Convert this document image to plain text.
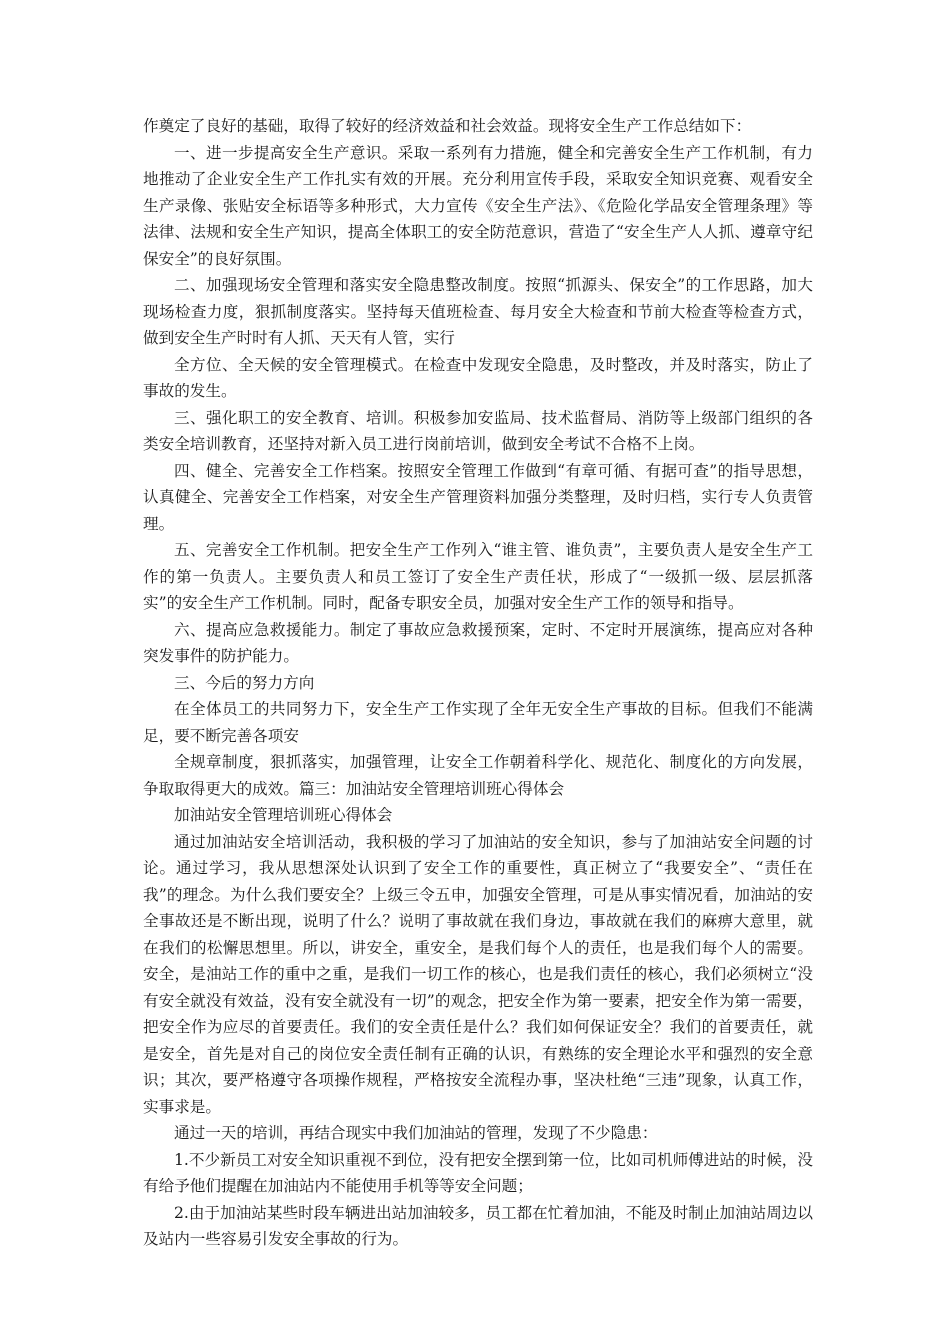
作奠定了良好的基础，取得了较好的经济效益和社会效益。现将安全生产工作总结如下：

一、进一步提高安全生产意识。采取一系列有力措施，健全和完善安全生产工作机制，有力地推动了企业安全生产工作扎实有效的开展。充分利用宣传手段，采取安全知识竞赛、观看安全生产录像、张贴安全标语等多种形式，大力宣传《安全生产法》、《危险化学品安全管理条理》等法律、法规和安全生产知识，提高全体职工的安全防范意识，营造了“安全生产人人抓、遵章守纪保安全”的良好氛围。

二、加强现场安全管理和落实安全隐患整改制度。按照“抓源头、保安全”的工作思路，加大现场检查力度，狠抓制度落实。坚持每天值班检查、每月安全大检查和节前大检查等检查方式，做到安全生产时时有人抓、天天有人管，实行

全方位、全天候的安全管理模式。在检查中发现安全隐患，及时整改，并及时落实，防止了事故的发生。

三、强化职工的安全教育、培训。积极参加安监局、技术监督局、消防等上级部门组织的各类安全培训教育，还坚持对新入员工进行岗前培训，做到安全考试不合格不上岗。

四、健全、完善安全工作档案。按照安全管理工作做到“有章可循、有据可查”的指导思想，认真健全、完善安全工作档案，对安全生产管理资料加强分类整理，及时归档，实行专人负责管理。

五、完善安全工作机制。把安全生产工作列入“谁主管、谁负责”，主要负责人是安全生产工作的第一负责人。主要负责人和员工签订了安全生产责任状，形成了“一级抓一级、层层抓落实”的安全生产工作机制。同时，配备专职安全员，加强对安全生产工作的领导和指导。

六、提高应急救援能力。制定了事故应急救援预案，定时、不定时开展演练，提高应对各种突发事件的防护能力。

三、今后的努力方向

在全体员工的共同努力下，安全生产工作实现了全年无安全生产事故的目标。但我们不能满足，要不断完善各项安

全规章制度，狠抓落实，加强管理，让安全工作朝着科学化、规范化、制度化的方向发展，争取取得更大的成效。篇三：加油站安全管理培训班心得体会

加油站安全管理培训班心得体会

通过加油站安全培训活动，我积极的学习了加油站的安全知识，参与了加油站安全问题的讨论。通过学习，我从思想深处认识到了安全工作的重要性，真正树立了“我要安全”、“责任在我”的理念。为什么我们要安全？上级三令五申，加强安全管理，可是从事实情况看，加油站的安全事故还是不断出现，说明了什么？说明了事故就在我们身边，事故就在我们的麻痹大意里，就在我们的松懈思想里。所以，讲安全，重安全，是我们每个人的责任，也是我们每个人的需要。安全，是油站工作的重中之重，是我们一切工作的核心，也是我们责任的核心，我们必须树立“没有安全就没有效益，没有安全就没有一切”的观念，把安全作为第一要素，把安全作为第一需要，把安全作为应尽的首要责任。我们的安全责任是什么？我们如何保证安全？我们的首要责任，就是安全，首先是对自己的岗位安全责任制有正确的认识，有熟练的安全理论水平和强烈的安全意识；其次，要严格遵守各项操作规程，严格按安全流程办事，坚决杜绝“三违”现象，认真工作，实事求是。

通过一天的培训，再结合现实中我们加油站的管理，发现了不少隐患：

1.不少新员工对安全知识重视不到位，没有把安全摆到第一位，比如司机师傅进站的时候，没有给予他们提醒在加油站内不能使用手机等等安全问题；

2.由于加油站某些时段车辆进出站加油较多，员工都在忙着加油，不能及时制止加油站周边以及站内一些容易引发安全事故的行为。
